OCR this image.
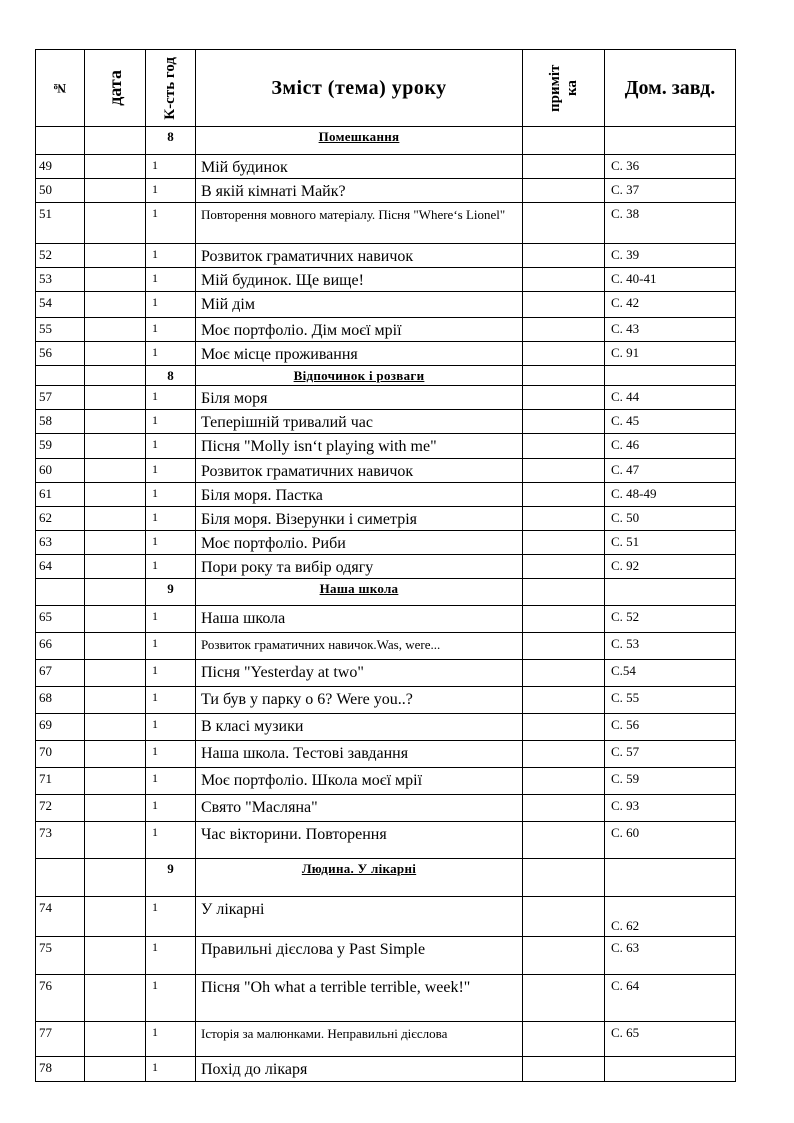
№	дата	К-сть год	Зміст (тема) уроку	приміт ка	Дом. завд.
		8	Помешкання		
49		1	Мій будинок		С. 36
50		1	В якій кімнаті Майк?		С. 37
51		1	Повторення мовного матеріалу. Пісня "Where‘s Lionel"		С. 38
52		1	Розвиток граматичних навичок		С. 39
53		1	Мій будинок. Ще вище!		С. 40-41
54		1	Мій дім		С. 42
55		1	Моє портфоліо. Дім моєї мрії		С. 43
56		1	Моє місце проживання		С. 91
		8	Відпочинок і розваги		
57		1	Біля моря		С. 44
58		1	Теперішній тривалий час		С. 45
59		1	Пісня "Molly isn‘t playing with me"		С. 46
60		1	Розвиток граматичних навичок		С. 47
61		1	Біля моря. Пастка		С. 48-49
62		1	Біля моря. Візерунки і симетрія		С. 50
63		1	Моє портфоліо. Риби		С. 51
64		1	Пори року та вибір одягу		С. 92
		9	Наша школа		
65		1	Наша школа		С. 52
66		1	Розвиток граматичних навичок.Was, were...		С. 53
67		1	Пісня "Yesterday at two"		С.54
68		1	Ти був у парку о 6? Were you..?		С. 55
69		1	В класі музики		С. 56
70		1	Наша школа. Тестові завдання		С. 57
71		1	Моє портфоліо. Школа моєї мрії		С. 59
72		1	Свято "Масляна"		С. 93
73		1	Час вікторини. Повторення		С. 60
		9	Людина. У лікарні		
74		1	У лікарні		С. 62
75		1	Правильні дієслова у Past Simple		С. 63
76		1	Пісня "Oh what a terrible terrible, week!"		С. 64
77		1	Історія за малюнками. Неправильні дієслова		С. 65
78		1	Похід до лікаря		
